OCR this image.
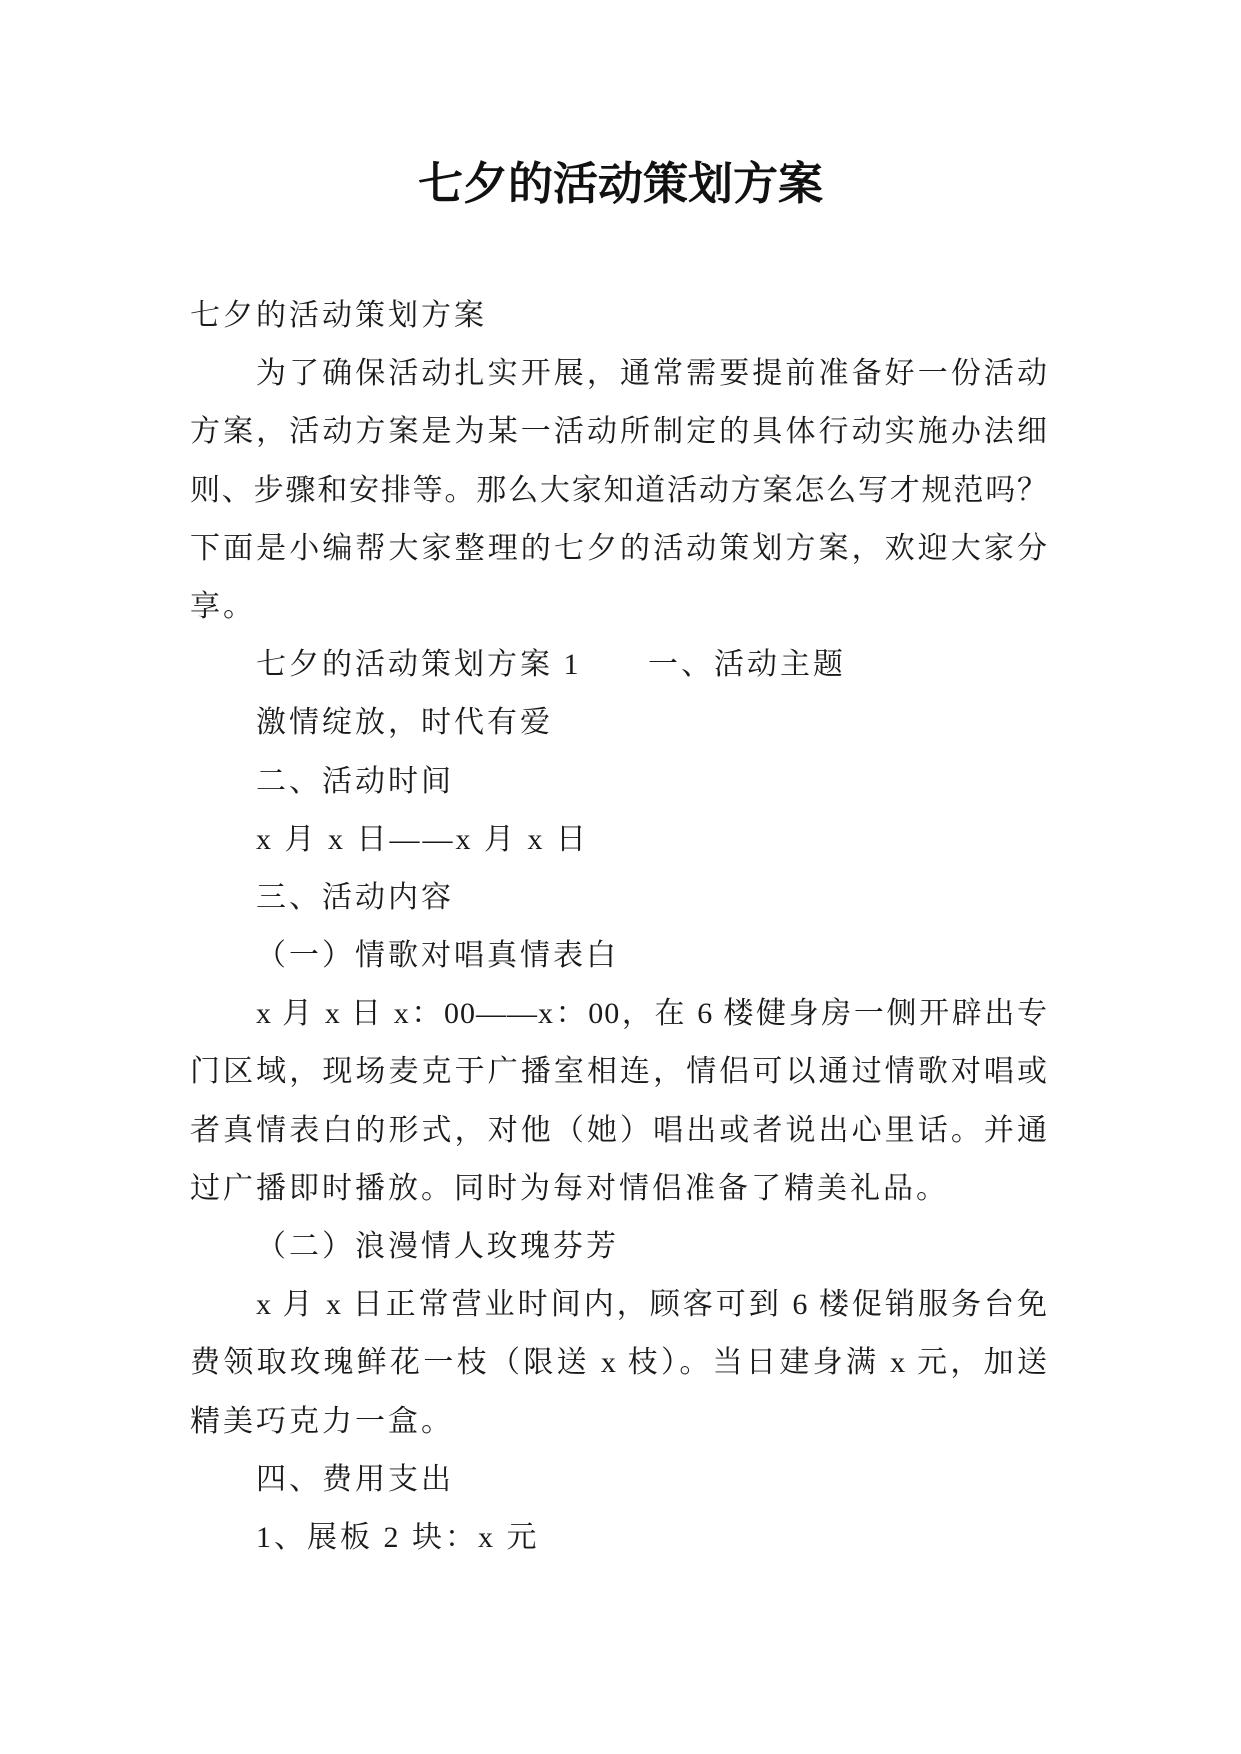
七夕的活动策划方案
七夕的活动策划方案
为了确保活动扎实开展，通常需要提前准备好一份活动
方案，活动方案是为某一活动所制定的具体行动实施办法细
则、步骤和安排等。那么大家知道活动方案怎么写才规范吗？
下面是小编帮大家整理的七夕的活动策划方案，欢迎大家分
享。
七夕的活动策划方案 1 一、活动主题
激情绽放，时代有爱
二、活动时间
x 月 x 日——x 月 x 日
三、活动内容
（一）情歌对唱真情表白
x 月 x 日 x：00——x：00，在 6 楼健身房一侧开辟出专
门区域，现场麦克于广播室相连，情侣可以通过情歌对唱或
者真情表白的形式，对他（她）唱出或者说出心里话。并通
过广播即时播放。同时为每对情侣准备了精美礼品。
（二）浪漫情人玫瑰芬芳
x 月 x 日正常营业时间内，顾客可到 6 楼促销服务台免
费领取玫瑰鲜花一枝（限送 x 枝）。当日建身满 x 元，加送
精美巧克力一盒。
四、费用支出
1、展板 2 块：x 元
